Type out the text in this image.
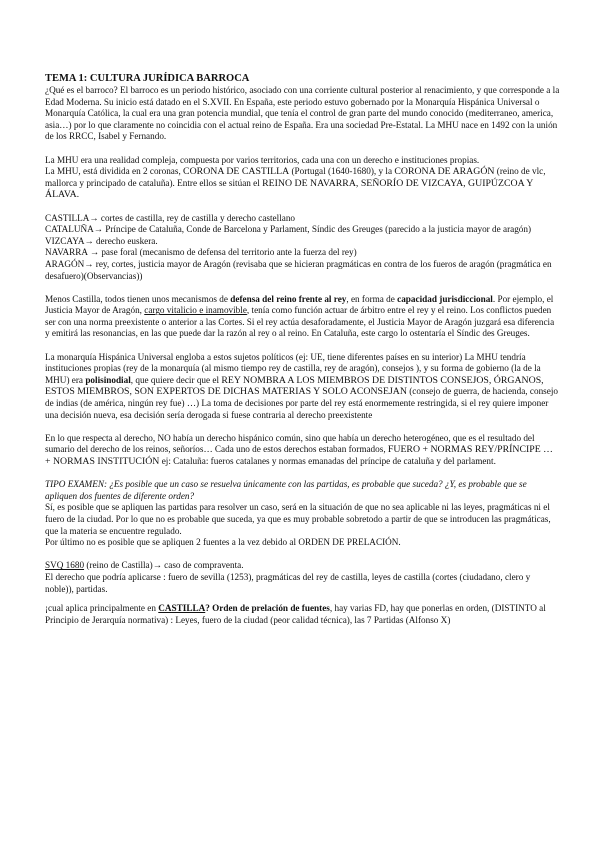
TEMA 1: CULTURA JURÍDICA BARROCA

¿Qué es el barroco? El barroco es un periodo histórico, asociado con una corriente cultural posterior al renacimiento, y que corresponde a la Edad Moderna. Su inicio está datado en el S.XVII. En España, este periodo estuvo gobernado por la Monarquía Hispánica Universal o Monarquía Católica, la cual era una gran potencia mundial, que tenía el control de gran parte del mundo conocido (mediterraneo, america, asia…) por lo que claramente no coincidia con el actual reino de España. Era una sociedad Pre-Estatal. La MHU nace en 1492 con la unión de los RRCC, Isabel y Fernando.

La MHU era una realidad compleja, compuesta por varios territorios, cada una con un derecho e instituciones propias.

La MHU, está dividida en 2 coronas, CORONA DE CASTILLA (Portugal (1640-1680), y la CORONA DE ARAGÓN (reino de vlc, mallorca y principado de cataluña). Entre ellos se sitúan el REINO DE NAVARRA, SEÑORÍO DE VIZCAYA, GUIPÚZCOA Y ÁLAVA.

CASTILLA→ cortes de castilla, rey de castilla y derecho castellano

CATALUÑA→ Príncipe de Cataluña, Conde de Barcelona y Parlament, Síndic des Greuges (parecido a la justicia mayor de aragón)

VIZCAYA→ derecho euskera.

NAVARRA → pase foral (mecanismo de defensa del territorio ante la fuerza del rey)

ARAGÓN→ rey, cortes, justicia mayor de Aragón (revisaba que se hicieran pragmáticas en contra de los fueros de aragón (pragmática en desafuero)(Observancias))

Menos Castilla, todos tienen unos mecanismos de defensa del reino frente al rey, en forma de capacidad jurisdiccional. Por ejemplo, el Justicia Mayor de Aragón, cargo vitalicio e inamovible, tenía como función actuar de árbitro entre el rey y el reino. Los conflictos pueden ser con una norma preexistente o anterior a las Cortes. Si el rey actúa desaforadamente, el Justicia Mayor de Aragón juzgará esa diferencia y emitirá las resonancias, en las que puede dar la razón al rey o al reino. En Cataluña, este cargo lo ostentaría el Síndic des Greuges.

La monarquía Hispánica Universal engloba a estos sujetos políticos (ej: UE, tiene diferentes países en su interior) La MHU tendría instituciones propias (rey de la monarquía (al mismo tiempo rey de castilla, rey de aragón), consejos ), y su forma de gobierno (la de la MHU) era polisinodial, que quiere decir que el REY NOMBRA A LOS MIEMBROS DE DISTINTOS CONSEJOS, ÓRGANOS, ESTOS MIEMBROS, SON EXPERTOS DE DICHAS MATERIAS Y SOLO ACONSEJAN (consejo de guerra, de hacienda, consejo de indias (de américa, ningún rey fue) …) La toma de decisiones por parte del rey está enormemente restringida, si el rey quiere imponer una decisión nueva, esa decisión sería derogada si fuese contraria al derecho preexistente

En lo que respecta al derecho, NO había un derecho hispánico común, sino que había un derecho heterogéneo, que es el resultado del sumario del derecho de los reinos, señoríos… Cada uno de estos derechos estaban formados, FUERO + NORMAS REY/PRÍNCIPE … + NORMAS INSTITUCIÓN ej: Cataluña: fueros catalanes y normas emanadas del príncipe de cataluña y del parlament.

TIPO EXAMEN: ¿Es posible que un caso se resuelva únicamente con las partidas, es probable que suceda? ¿Y, es probable que se apliquen dos fuentes de diferente orden?

Sí, es posible que se apliquen las partidas para resolver un caso, será en la situación de que no sea aplicable ni las leyes, pragmáticas ni el fuero de la ciudad. Por lo que no es probable que suceda, ya que es muy probable sobretodo a partir de que se introducen las pragmáticas, que la materia se encuentre regulado.

Por último no es posible que se apliquen 2 fuentes a la vez debido al ORDEN DE PRELACIÓN.

SVQ 1680 (reino de Castilla)→ caso de compraventa.

El derecho que podría aplicarse : fuero de sevilla (1253), pragmáticas del rey de castilla, leyes de castilla (cortes (ciudadano, clero y noble)), partidas.

¡cual aplica principalmente en CASTILLA? Orden de prelación de fuentes, hay varias FD, hay que ponerlas en orden, (DISTINTO al Principio de Jerarquía normativa) : Leyes, fuero de la ciudad (peor calidad técnica), las 7 Partidas (Alfonso X)
